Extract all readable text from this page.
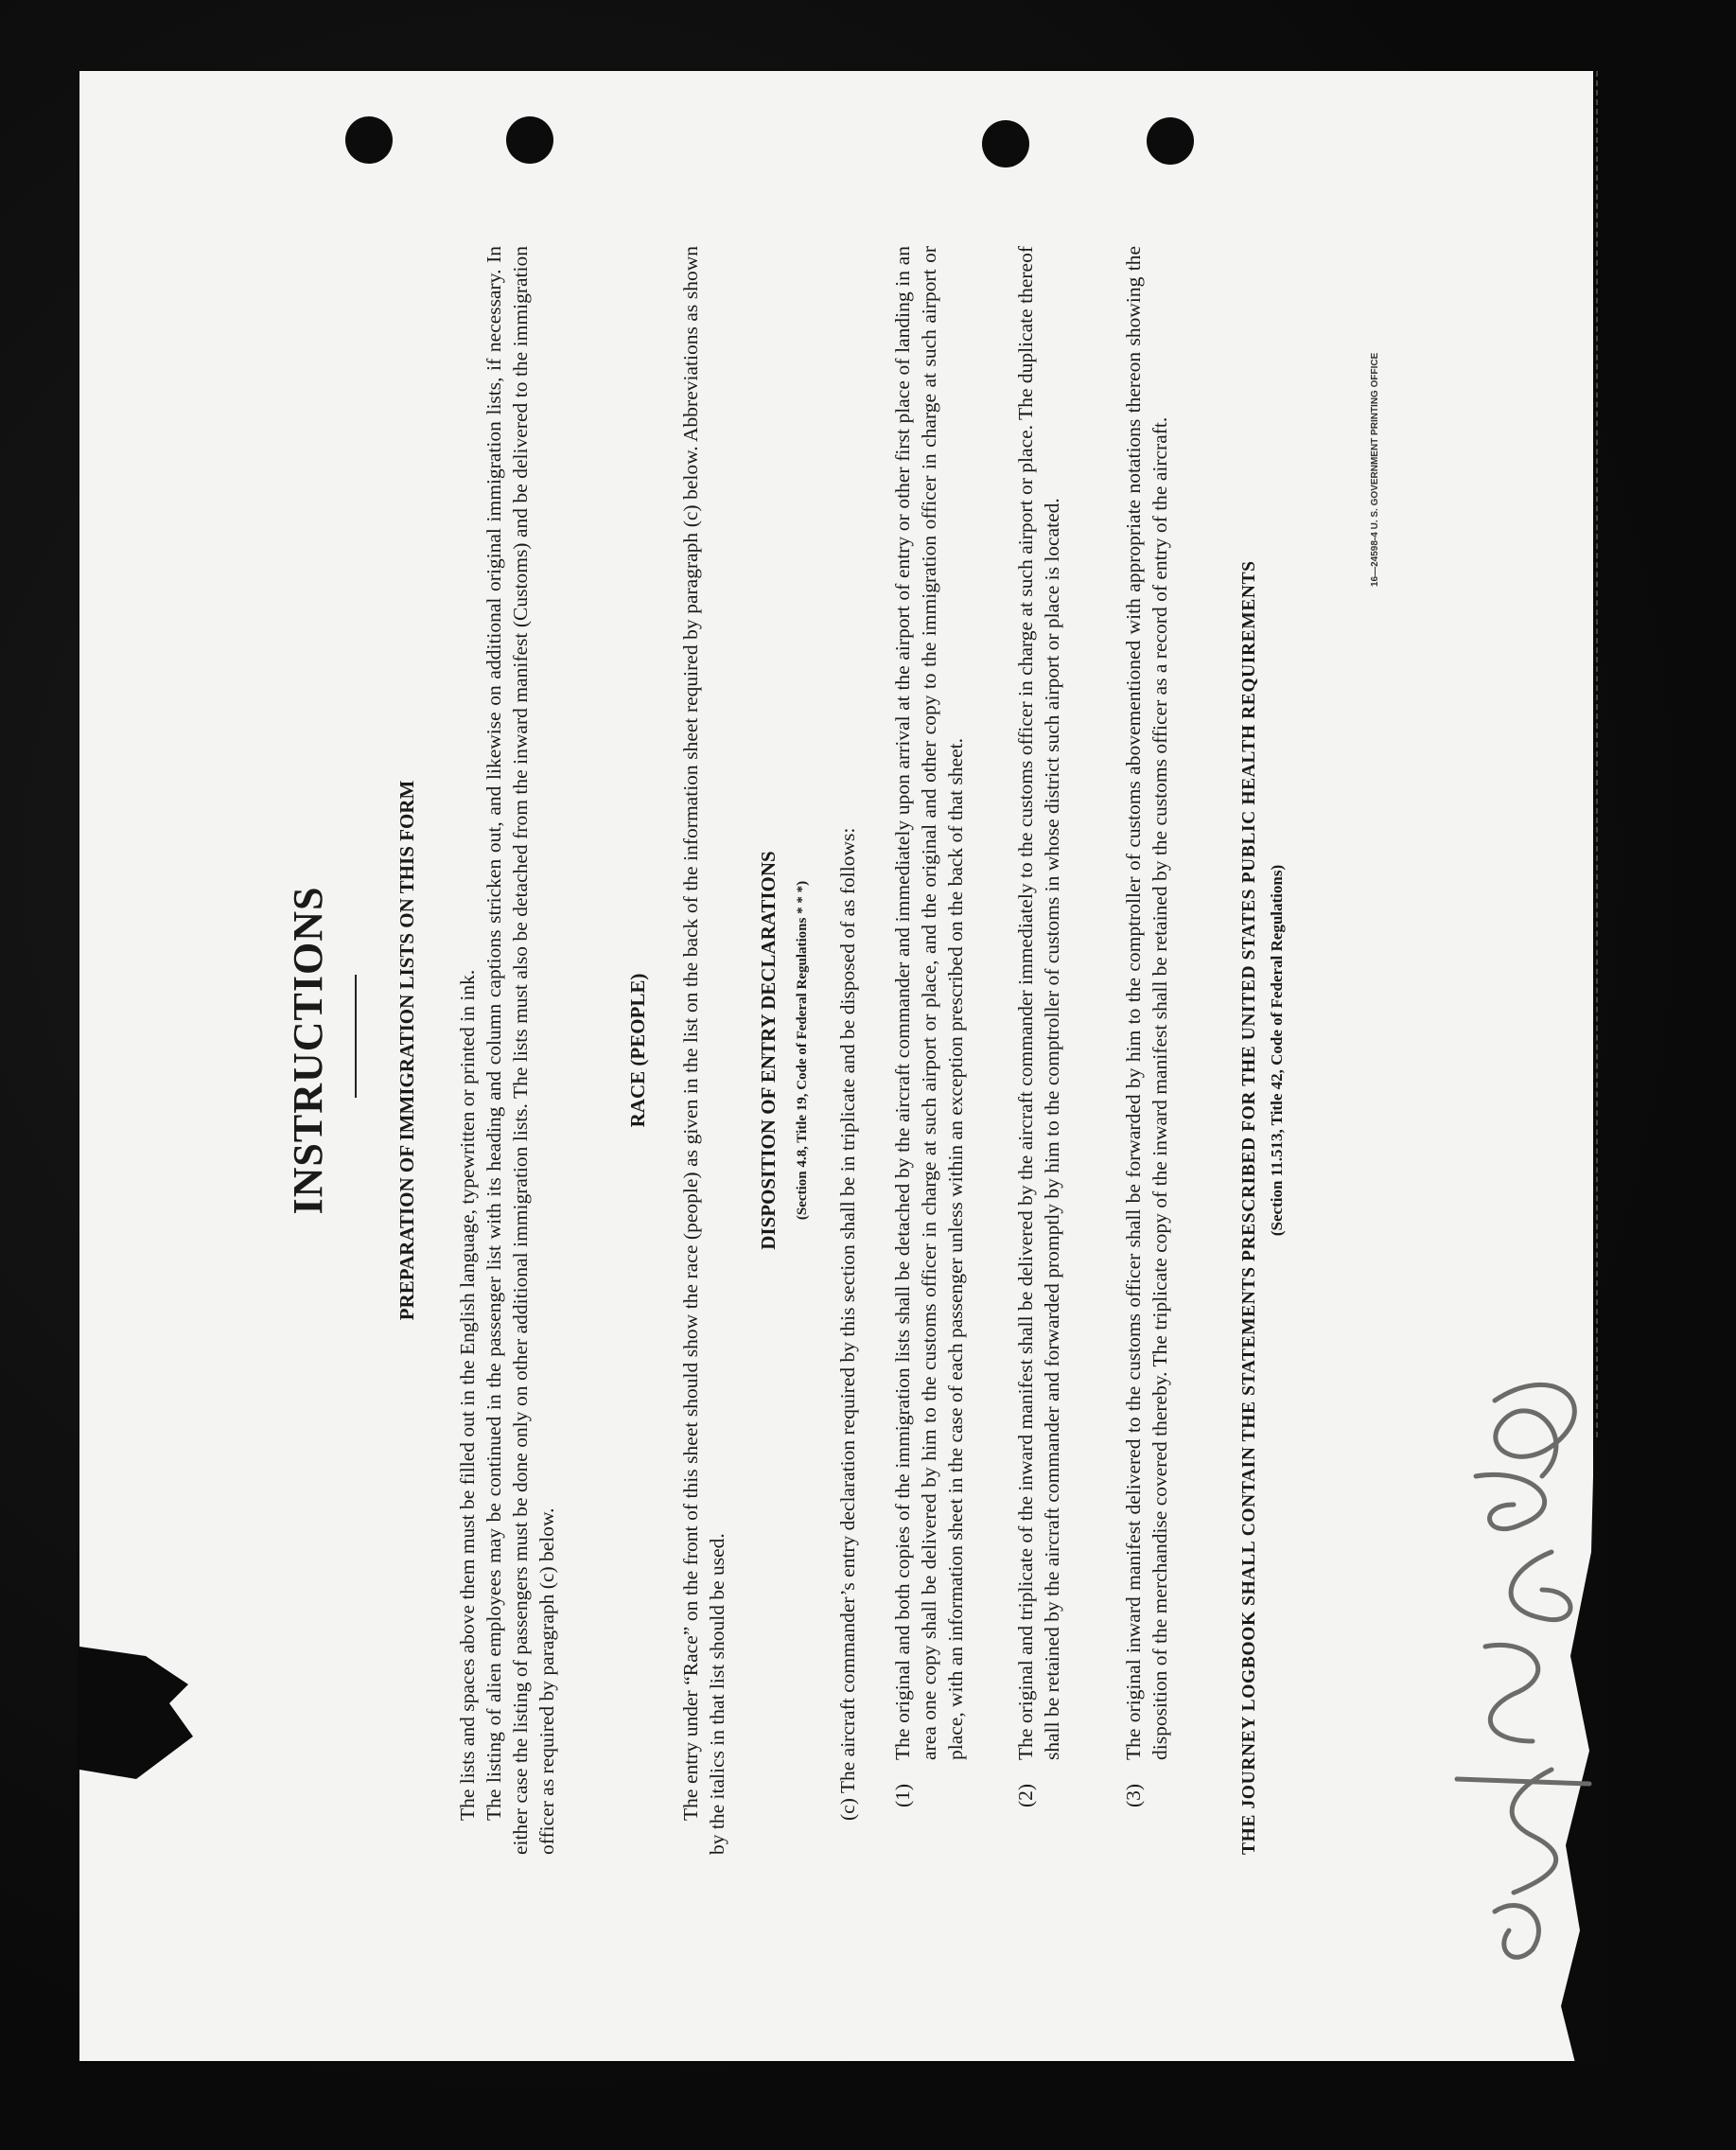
INSTRUCTIONS	PREPARATION OF IMMIGRATION LISTS ON THIS FORM The lists and spaces above them must be filled out in the English language, typewritten or printed in ink. The listing of alien employees may be continued in the passenger list with its heading and column captions stricken out, and likewise on additional original immigration lists, if necessary. In either case the listing of passengers must be done only on other additional immigration lists. The lists must also be detached from the inward manifest (Customs) and be delivered to the immigration officer as required by paragraph (c) below.
RACE (PEOPLE) The entry under “Race” on the front of this sheet should show the race (people) as given in the list on the back of the information sheet required by paragraph (c) below. Abbreviations as shown by the italics in that list should be used.
DISPOSITION OF ENTRY DECLARATIONS (Section 4.8, Title 19, Code of Federal Regulations * * *) (c) The aircraft commander’s entry declaration required by this section shall be in triplicate and be disposed of as follows: (1)
The original and both copies of the immigration lists shall be detached by the aircraft commander and immediately upon arrival at the airport of entry or other first place of landing in an area one copy shall be delivered by him to the customs officer in charge at such airport or place, and the original and other copy to the immigration officer in charge at such airport or place, with an information sheet in the case of each passenger unless within an exception prescribed on the back of that sheet.
(2)
The original and triplicate of the inward manifest shall be delivered by the aircraft commander immediately to the customs officer in charge at such airport or place. The duplicate thereof shall be retained by the aircraft commander and forwarded promptly by him to the comptroller of customs in whose district such airport or place is located.
(3)
The original inward manifest delivered to the customs officer shall be forwarded by him to the comptroller of customs abovementioned with appropriate notations thereon showing the disposition of the merchandise covered thereby. The triplicate copy of the inward manifest shall be retained by the customs officer as a record of entry of the aircraft.	THE JOURNEY LOGBOOK SHALL CONTAIN THE STATEMENTS PRESCRIBED FOR THE UNITED STATES PUBLIC HEALTH REQUIREMENTS (Section 11.513, Title 42, Code of Federal Regulations)
16—24598-4 U. S. GOVERNMENT PRINTING OFFICE
